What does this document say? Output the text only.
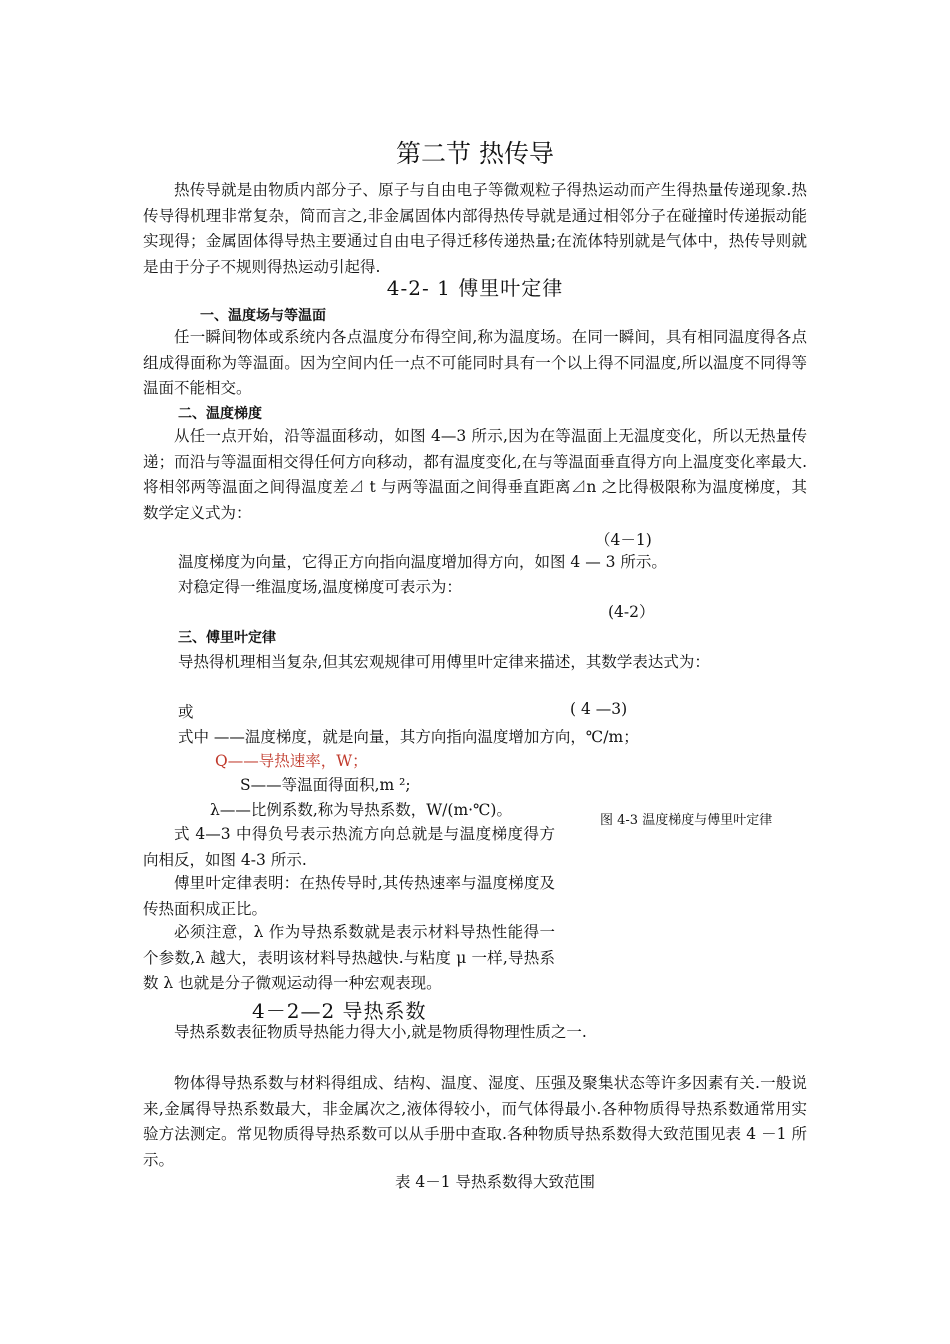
第二节 热传导
热传导就是由物质内部分子、原子与自由电子等微观粒子得热运动而产生得热量传递现象.热传导得机理非常复杂，简而言之,非金属固体内部得热传导就是通过相邻分子在碰撞时传递振动能实现得；金属固体得导热主要通过自由电子得迁移传递热量;在流体特别就是气体中，热传导则就是由于分子不规则得热运动引起得.
4-2- 1 傅里叶定律
一、温度场与等温面
任一瞬间物体或系统内各点温度分布得空间,称为温度场。在同一瞬间，具有相同温度得各点组成得面称为等温面。因为空间内任一点不可能同时具有一个以上得不同温度,所以温度不同得等温面不能相交。
二、温度梯度
从任一点开始，沿等温面移动，如图 4—3 所示,因为在等温面上无温度变化，所以无热量传递；而沿与等温面相交得任何方向移动，都有温度变化,在与等温面垂直得方向上温度变化率最大.将相邻两等温面之间得温度差⊿ t 与两等温面之间得垂直距离⊿n 之比得极限称为温度梯度，其数学定义式为：
（4－1)
温度梯度为向量，它得正方向指向温度增加得方向，如图 4 — 3 所示。
对稳定得一维温度场,温度梯度可表示为：
(4-2）
三、傅里叶定律
导热得机理相当复杂,但其宏观规律可用傅里叶定律来描述，其数学表达式为：
或	( 4 —3)
式中 ——温度梯度，就是向量，其方向指向温度增加方向，℃/m；
Q——导热速率，W；
S——等温面得面积,m ²;
λ——比例系数,称为导热系数，W/(m·℃)。
图 4-3 温度梯度与傅里叶定律
式 4—3 中得负号表示热流方向总就是与温度梯度得方向相反，如图 4-3 所示.
傅里叶定律表明：在热传导时,其传热速率与温度梯度及传热面积成正比。
必须注意，λ 作为导热系数就是表示材料导热性能得一个参数,λ 越大，表明该材料导热越快.与粘度 μ 一样,导热系数 λ 也就是分子微观运动得一种宏观表现。
4－2—2 导热系数
导热系数表征物质导热能力得大小,就是物质得物理性质之一.
物体得导热系数与材料得组成、结构、温度、湿度、压强及聚集状态等许多因素有关.一般说来,金属得导热系数最大，非金属次之,液体得较小，而气体得最小.各种物质得导热系数通常用实验方法测定。常见物质得导热系数可以从手册中查取.各种物质导热系数得大致范围见表 4 －1 所示。
表 4－1 导热系数得大致范围
